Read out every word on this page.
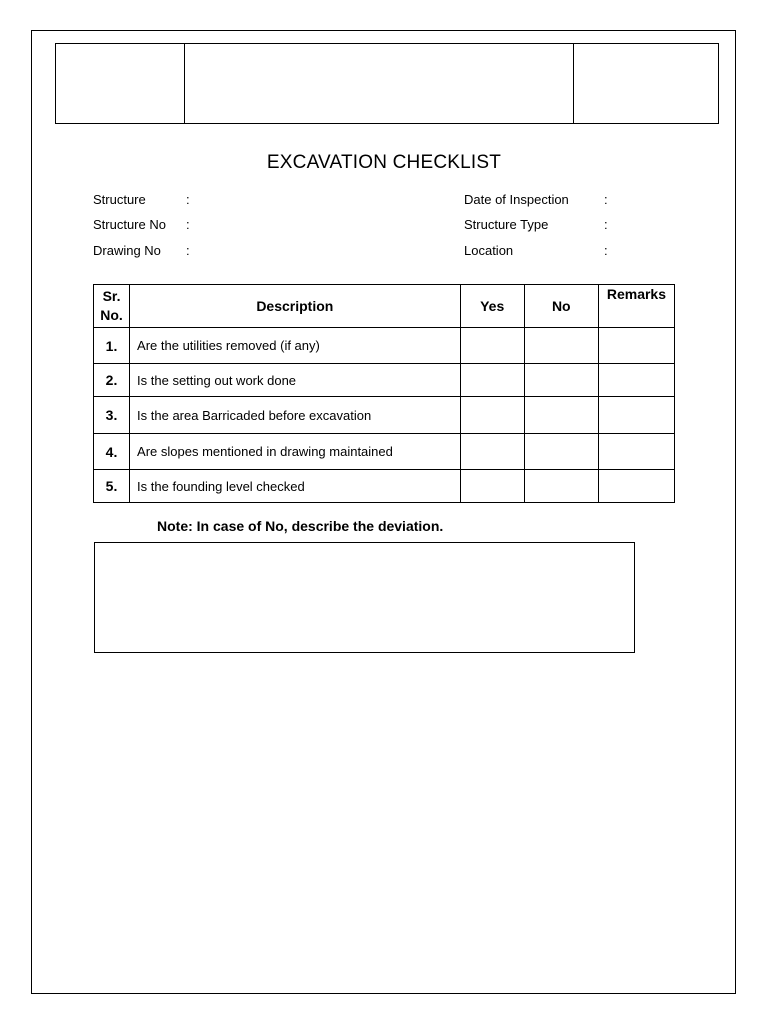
EXCAVATION CHECKLIST
Structure	:
Structure No :
Drawing No :
Date of Inspection	:
Structure Type	:
Location	:
Sr.
No.	Description	Yes	No	Remarks
1.	Are the utilities removed (if any)			
2.	Is the setting out work done			
3.	Is the area Barricaded before excavation			
4.	Are slopes mentioned in drawing maintained			
5.	Is the founding level checked			
Note: In case of No, describe the deviation.
